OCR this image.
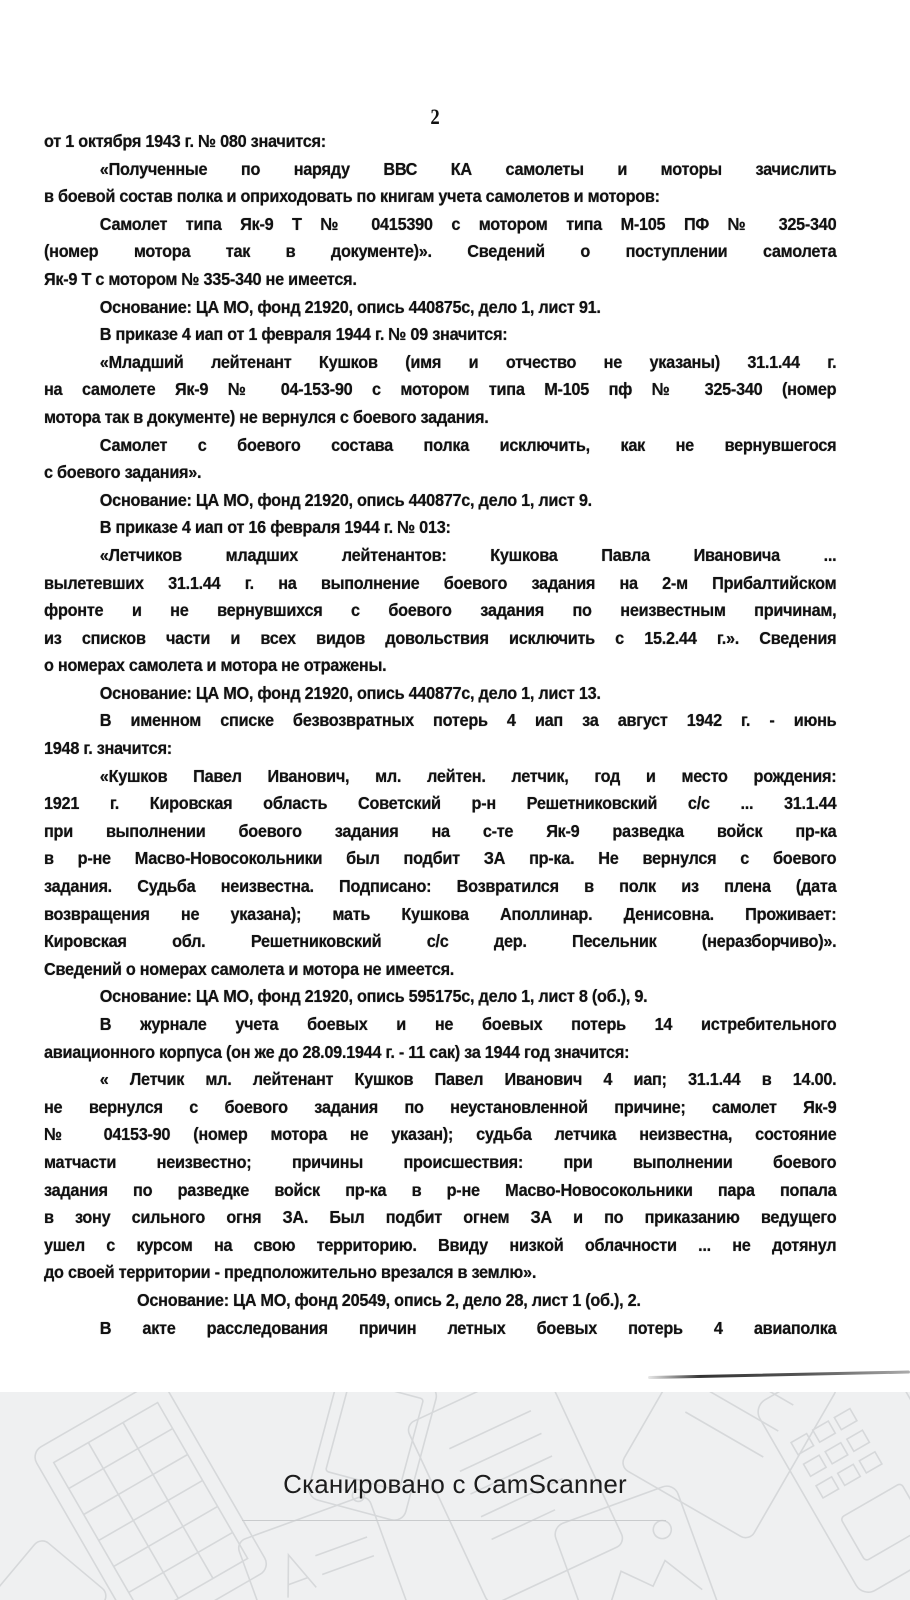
2
от 1 октября 1943 г. № 080 значится:
«Полученные по наряду ВВС КА самолеты и моторы зачислить
в боевой состав полка и оприходовать по книгам учета самолетов и моторов:
Самолет типа Як-9 Т № 0415390 с мотором типа М-105 ПФ № 325-340
(номер мотора так в документе)». Сведений о поступлении самолета
Як-9 Т с мотором № 335-340 не имеется.
Основание: ЦА МО, фонд 21920, опись 440875с, дело 1, лист 91.
В приказе 4 иап от 1 февраля 1944 г. № 09 значится:
«Младший лейтенант Кушков (имя и отчество не указаны) 31.1.44 г.
на самолете Як-9 № 04-153-90 с мотором типа М-105 пф № 325-340 (номер
мотора так в документе) не вернулся с боевого задания.
Самолет с боевого состава полка исключить, как не вернувшегося
с боевого задания».
Основание: ЦА МО, фонд 21920, опись 440877с, дело 1, лист 9.
В приказе 4 иап от 16 февраля 1944 г. № 013:
«Летчиков младших лейтенантов: Кушкова Павла Ивановича ...
вылетевших 31.1.44 г. на выполнение боевого задания на 2-м Прибалтийском
фронте и не вернувшихся с боевого задания по неизвестным причинам,
из списков части и всех видов довольствия исключить с 15.2.44 г.». Сведения
о номерах самолета и мотора не отражены.
Основание: ЦА МО, фонд 21920, опись 440877с, дело 1, лист 13.
В именном списке безвозвратных потерь 4 иап за август 1942 г. - июнь
1948 г. значится:
«Кушков Павел Иванович, мл. лейтен. летчик, год и место рождения:
1921 г. Кировская область Советский р-н Решетниковский с/с ... 31.1.44
при выполнении боевого задания на с-те Як-9 разведка войск пр-ка
в р-не Масво-Новосокольники был подбит ЗА пр-ка. Не вернулся с боевого
задания. Судьба неизвестна. Подписано: Возвратился в полк из плена (дата
возвращения не указана); мать Кушкова Аполлинар. Денисовна. Проживает:
Кировская обл. Решетниковский с/с дер. Песельник (неразборчиво)».
Сведений о номерах самолета и мотора не имеется.
Основание: ЦА МО, фонд 21920, опись 595175с, дело 1, лист 8 (об.), 9.
В журнале учета боевых и не боевых потерь 14 истребительного
авиационного корпуса (он же до 28.09.1944 г. - 11 сак) за 1944 год значится:
« Летчик мл. лейтенант Кушков Павел Иванович 4 иап; 31.1.44 в 14.00.
не вернулся с боевого задания по неустановленной причине; самолет Як-9
№ 04153-90 (номер мотора не указан); судьба летчика неизвестна, состояние
матчасти неизвестно; причины происшествия: при выполнении боевого
задания по разведке войск пр-ка в р-не Масво-Новосокольники пара попала
в зону сильного огня ЗА. Был подбит огнем ЗА и по приказанию ведущего
ушел с курсом на свою территорию. Ввиду низкой облачности ... не дотянул
до своей территории - предположительно врезался в землю».
Основание: ЦА МО, фонд 20549, опись 2, дело 28, лист 1 (об.), 2.
В акте расследования причин летных боевых потерь 4 авиаполка
Сканировано с CamScanner
